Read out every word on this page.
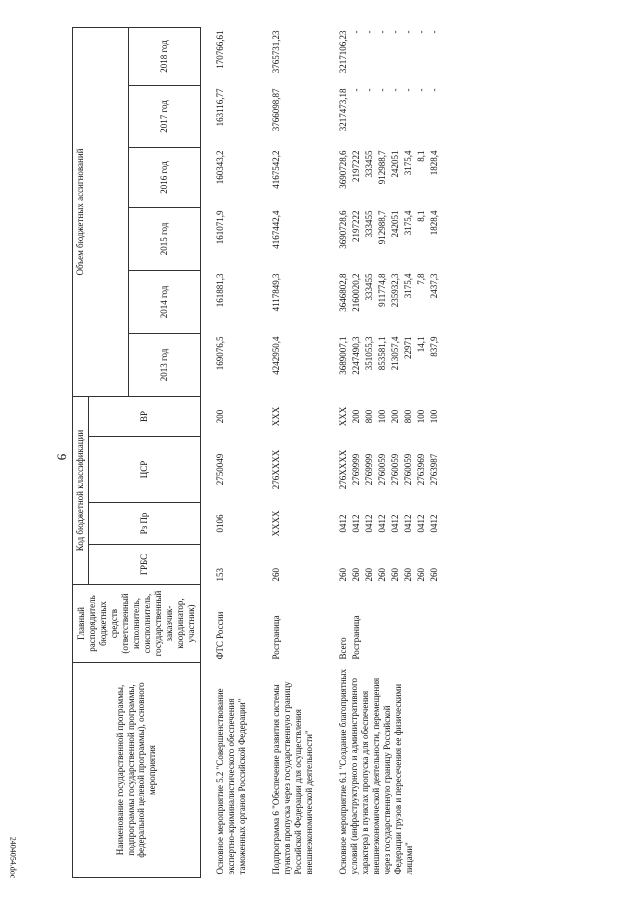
9
2404054.doc
Наименование государственной программы, подпрограммы государственной программы, федеральной целевой программы), основного мероприятия	Главный распорядитель бюджетных средств (ответственный исполнитель, соисполнитель, государственный заказчик-координатор, участник)	Код бюджетной классификации				Объем бюджетных ассигнований					
		ГРБС	Рз Пр	ЦСР	ВР						
						2013 год	2014 год	2015 год	2016 год	2017 год	2018 год
Основное мероприятие 5.2 "Совершенствование экспертно-криминалистического обеспечения таможенных органов Российской Федерации"	ФТС России	153	0106	2750049	200	169076,5	161881,3	161071,9	160343,2	163116,77	170766,61
Подпрограмма 6 "Обеспечение развития системы пунктов пропуска через государственную границу Российской Федерации для осуществления внешнеэкономической деятельности"	Росграница	260	XXXX	276XXXX	XXX	4242950,4	4117849,3	4167442,4	4167542,2	3766098,87	3765731,23
Основное мероприятие 6.1 "Создание благоприятных условий (инфраструктурного и административного характера) в пунктах пропуска для обеспечения внешнеэкономической деятельности, перемещения через государственную границу Российской Федерации грузов и пересечения ее физическими лицами"	Всего	260	0412	276XXXX	XXX	3689007,1	3646802,8	3690728,6	3690728,6	3217473,18	3217106,23
	Росграница	260	0412	2769999	200	2247490,3	2160020,2	2197222	2197222	-	-
		260	0412	2769999	800	351055,3	333455	333455	333455	-	-
		260	0412	2760059	100	853581,1	911774,8	912988,7	912988,7	-	-
		260	0412	2760059	200	213057,4	235932,3	242051	242051	-	-
		260	0412	2760059	800	22971	3175,4	3175,4	3175,4	-	-
		260	0412	2763969	100	14,1	7,8	8,1	8,1	-	-
		260	0412	2763987	100	837,9	2437,3	1828,4	1828,4	-	-
